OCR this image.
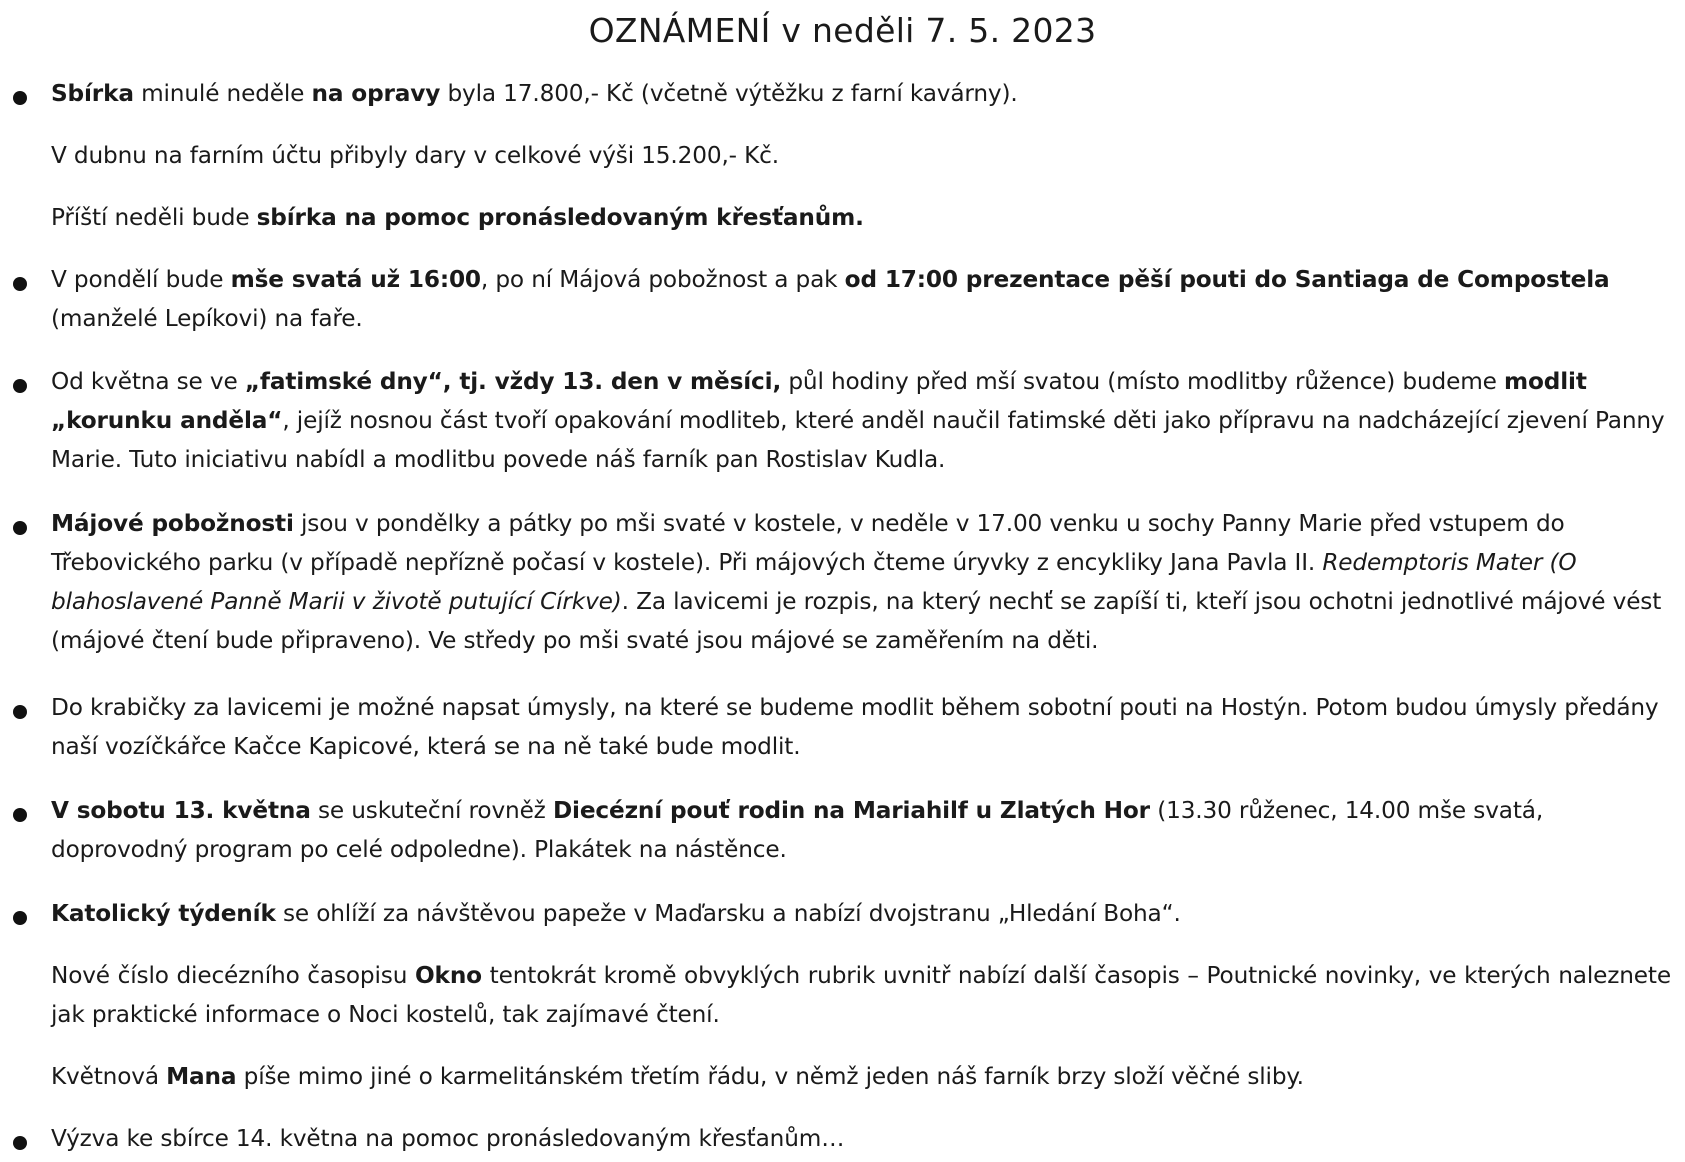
OZNÁMENÍ v neděli 7. 5. 2023
Sbírka minulé neděle na opravy byla 17.800,- Kč (včetně výtěžku z farní kavárny).
V dubnu na farním účtu přibyly dary v celkové výši 15.200,- Kč.
Příští neděli bude sbírka na pomoc pronásledovaným křesťanům.
V pondělí bude mše svatá už 16:00, po ní Májová pobožnost a pak od 17:00 prezentace pěší pouti do Santiaga de Compostela (manželé Lepíkovi) na faře.
Od května se ve „fatimské dny“, tj. vždy 13. den v měsíci, půl hodiny před mší svatou (místo modlitby růžence) budeme modlit „korunku anděla“, jejíž nosnou část tvoří opakování modliteb, které anděl naučil fatimské děti jako přípravu na nadcházející zjevení Panny Marie. Tuto iniciativu nabídl a modlitbu povede náš farník pan Rostislav Kudla.
Májové pobožnosti jsou v pondělky a pátky po mši svaté v kostele, v neděle v 17.00 venku u sochy Panny Marie před vstupem do Třebovického parku (v případě nepřízně počasí v kostele). Při májových čteme úryvky z encykliky Jana Pavla II. Redemptoris Mater (O blahoslavené Panně Marii v životě putující Církve). Za lavicemi je rozpis, na který nechť se zapíší ti, kteří jsou ochotni jednotlivé májové vést (májové čtení bude připraveno). Ve středy po mši svaté jsou májové se zaměřením na děti.
Do krabičky za lavicemi je možné napsat úmysly, na které se budeme modlit během sobotní pouti na Hostýn. Potom budou úmysly předány naší vozíčkářce Kačce Kapicové, která se na ně také bude modlit.
V sobotu 13. května se uskuteční rovněž Diecézní pouť rodin na Mariahilf u Zlatých Hor (13.30 růženec, 14.00 mše svatá, doprovodný program po celé odpoledne). Plakátek na nástěnce.
Katolický týdeník se ohlíží za návštěvou papeže v Maďarsku a nabízí dvojstranu „Hledání Boha“.
Nové číslo diecézního časopisu Okno tentokrát kromě obvyklých rubrik uvnitř nabízí další časopis – Poutnické novinky, ve kterých naleznete jak praktické informace o Noci kostelů, tak zajímavé čtení.
Květnová Mana píše mimo jiné o karmelitánském třetím řádu, v němž jeden náš farník brzy složí věčné sliby.
Výzva ke sbírce 14. května na pomoc pronásledovaným křesťanům…
